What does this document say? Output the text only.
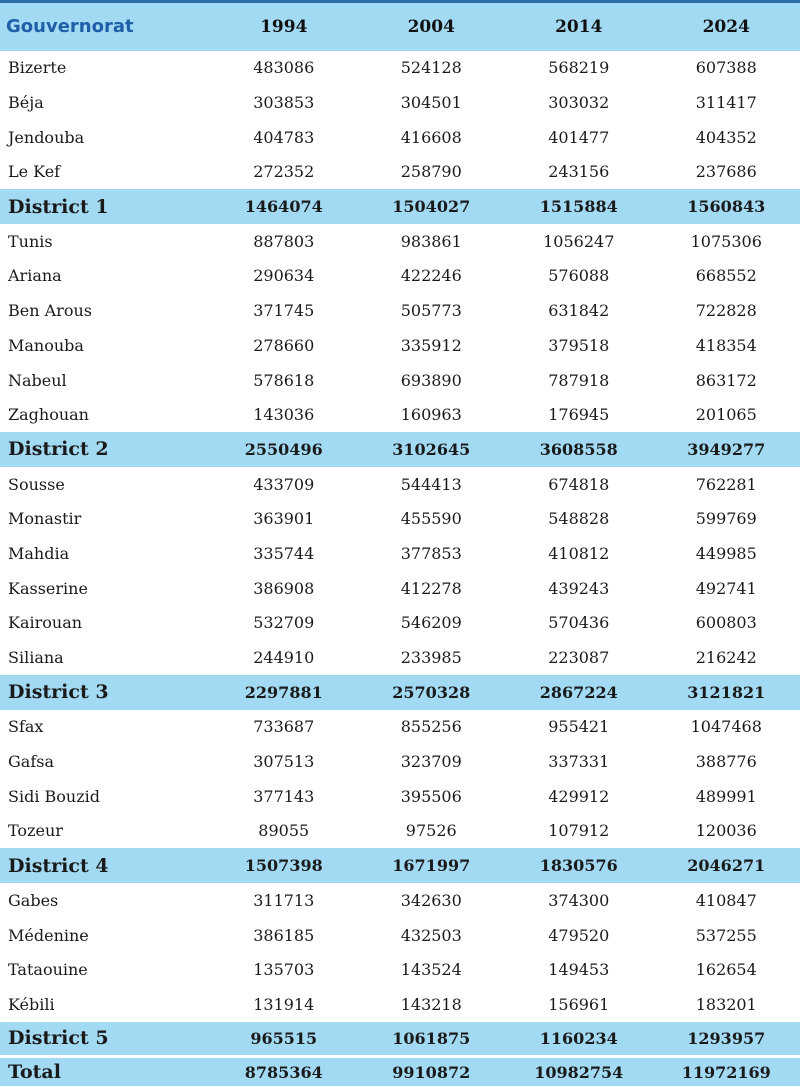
Gouvernorat	1994	2004	2014	2024
Bizerte	483086	524128	568219	607388
Béja	303853	304501	303032	311417
Jendouba	404783	416608	401477	404352
Le Kef	272352	258790	243156	237686
District 1	1464074	1504027	1515884	1560843
Tunis	887803	983861	1056247	1075306
Ariana	290634	422246	576088	668552
Ben Arous	371745	505773	631842	722828
Manouba	278660	335912	379518	418354
Nabeul	578618	693890	787918	863172
Zaghouan	143036	160963	176945	201065
District 2	2550496	3102645	3608558	3949277
Sousse	433709	544413	674818	762281
Monastir	363901	455590	548828	599769
Mahdia	335744	377853	410812	449985
Kasserine	386908	412278	439243	492741
Kairouan	532709	546209	570436	600803
Siliana	244910	233985	223087	216242
District 3	2297881	2570328	2867224	3121821
Sfax	733687	855256	955421	1047468
Gafsa	307513	323709	337331	388776
Sidi Bouzid	377143	395506	429912	489991
Tozeur	89055	97526	107912	120036
District 4	1507398	1671997	1830576	2046271
Gabes	311713	342630	374300	410847
Médenine	386185	432503	479520	537255
Tataouine	135703	143524	149453	162654
Kébili	131914	143218	156961	183201
District 5	965515	1061875	1160234	1293957
Total	8785364	9910872	10982754	11972169
